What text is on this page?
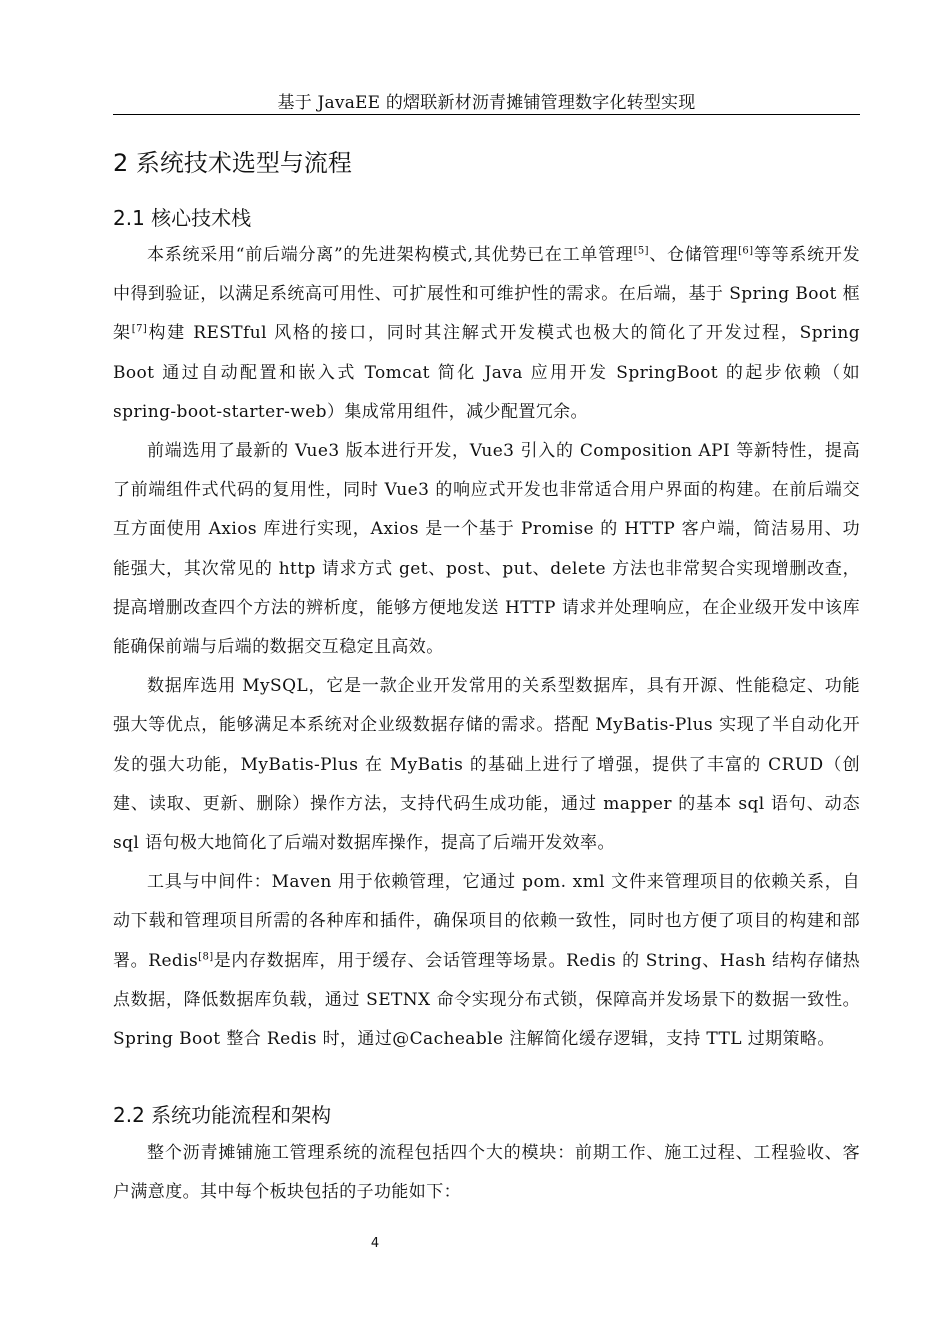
基于 JavaEE 的熠联新材沥青摊铺管理数字化转型实现
2 系统技术选型与流程
2.1 核心技术栈

本系统采用“前后端分离”的先进架构模式,其优势已在工单管理[5]、仓储管理[6]等等系统开发中得到验证，以满足系统高可用性、可扩展性和可维护性的需求。在后端，基于 Spring Boot 框架[7]构建 RESTful 风格的接口，同时其注解式开发模式也极大的简化了开发过程，Spring Boot 通过自动配置和嵌入式 Tomcat 简化 Java 应用开发 SpringBoot 的起步依赖（如 spring-boot-starter-web）集成常用组件，减少配置冗余。

前端选用了最新的 Vue3 版本进行开发，Vue3 引入的 Composition API 等新特性，提高了前端组件式代码的复用性，同时 Vue3 的响应式开发也非常适合用户界面的构建。在前后端交互方面使用 Axios 库进行实现，Axios 是一个基于 Promise 的 HTTP 客户端，简洁易用、功能强大，其次常见的 http 请求方式 get、post、put、delete 方法也非常契合实现增删改查，提高增删改查四个方法的辨析度，能够方便地发送 HTTP 请求并处理响应，在企业级开发中该库能确保前端与后端的数据交互稳定且高效。

数据库选用 MySQL，它是一款企业开发常用的关系型数据库，具有开源、性能稳定、功能强大等优点，能够满足本系统对企业级数据存储的需求。搭配 MyBatis-Plus 实现了半自动化开发的强大功能，MyBatis-Plus 在 MyBatis 的基础上进行了增强，提供了丰富的 CRUD（创建、读取、更新、删除）操作方法，支持代码生成功能，通过 mapper 的基本 sql 语句、动态 sql 语句极大地简化了后端对数据库操作，提高了后端开发效率。

工具与中间件：Maven 用于依赖管理，它通过 pom. xml 文件来管理项目的依赖关系，自动下载和管理项目所需的各种库和插件，确保项目的依赖一致性，同时也方便了项目的构建和部署。Redis[8]是内存数据库，用于缓存、会话管理等场景。Redis 的 String、Hash 结构存储热点数据，降低数据库负载，通过 SETNX 命令实现分布式锁，保障高并发场景下的数据一致性。Spring Boot 整合 Redis 时，通过@Cacheable 注解简化缓存逻辑，支持 TTL 过期策略。

2.2 系统功能流程和架构

整个沥青摊铺施工管理系统的流程包括四个大的模块：前期工作、施工过程、工程验收、客户满意度。其中每个板块包括的子功能如下：

4
